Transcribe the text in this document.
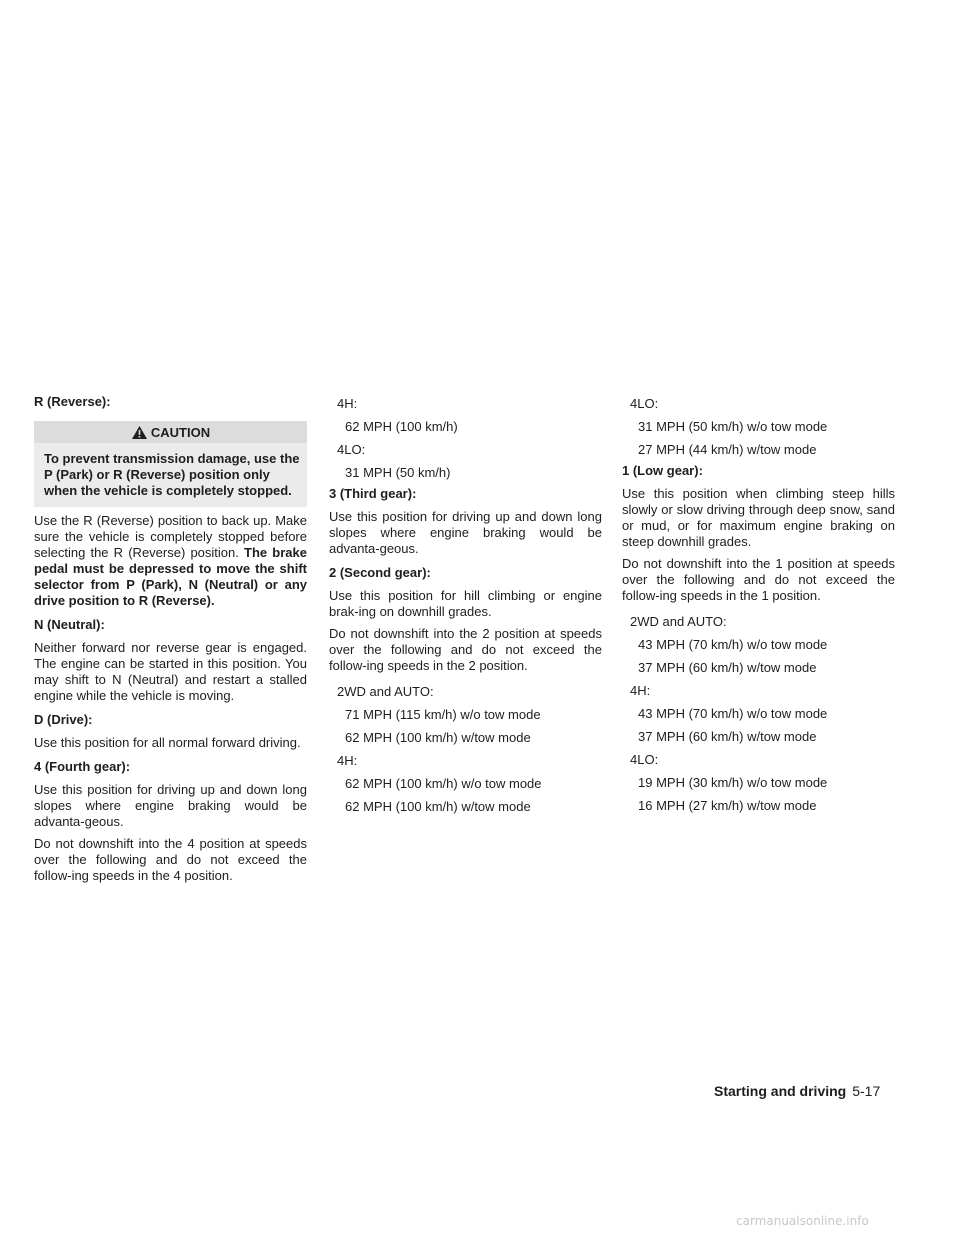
R (Reverse):
CAUTION
To prevent transmission damage, use the P (Park) or R (Reverse) position only when the vehicle is completely stopped.

Use the R (Reverse) position to back up. Make sure the vehicle is completely stopped before selecting the R (Reverse) position. The brake pedal must be depressed to move the shift selector from P (Park), N (Neutral) or any drive position to R (Reverse).

N (Neutral):

Neither forward nor reverse gear is engaged. The engine can be started in this position. You may shift to N (Neutral) and restart a stalled engine while the vehicle is moving.

D (Drive):

Use this position for all normal forward driving.

4 (Fourth gear):

Use this position for driving up and down long slopes where engine braking would be advanta-geous.

Do not downshift into the 4 position at speeds over the following and do not exceed the follow-ing speeds in the 4 position.

4H:
62 MPH (100 km/h)
4LO:
31 MPH (50 km/h)
3 (Third gear):

Use this position for driving up and down long slopes where engine braking would be advanta-geous.

2 (Second gear):

Use this position for hill climbing or engine brak-ing on downhill grades.

Do not downshift into the 2 position at speeds over the following and do not exceed the follow-ing speeds in the 2 position.

2WD and AUTO:
71 MPH (115 km/h) w/o tow mode
62 MPH (100 km/h) w/tow mode
4H:
62 MPH (100 km/h) w/o tow mode
62 MPH (100 km/h) w/tow mode
4LO:
31 MPH (50 km/h) w/o tow mode
27 MPH (44 km/h) w/tow mode
1 (Low gear):

Use this position when climbing steep hills slowly or slow driving through deep snow, sand or mud, or for maximum engine braking on steep downhill grades.

Do not downshift into the 1 position at speeds over the following and do not exceed the follow-ing speeds in the 1 position.

2WD and AUTO:
43 MPH (70 km/h) w/o tow mode
37 MPH (60 km/h) w/tow mode
4H:
43 MPH (70 km/h) w/o tow mode
37 MPH (60 km/h) w/tow mode
4LO:
19 MPH (30 km/h) w/o tow mode
16 MPH (27 km/h) w/tow mode
Starting and driving 5-17
carmanualsonline.info
